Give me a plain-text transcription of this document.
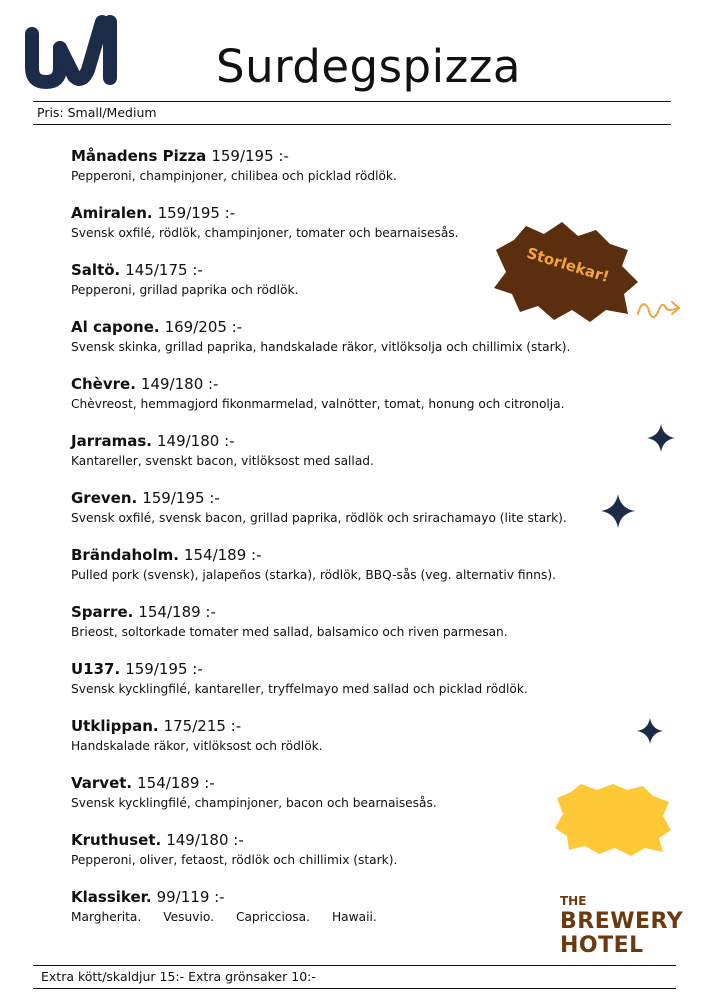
Surdegspizza
Pris: Small/Medium
Månadens Pizza 159/195 :-
Pepperoni, champinjoner, chilibea och picklad rödlök.
Amiralen. 159/195 :-
Svensk oxfilé, rödlök, champinjoner, tomater och bearnaisesås.
Saltö. 145/175 :-
Pepperoni, grillad paprika och rödlök.
Al capone. 169/205 :-
Svensk skinka, grillad paprika, handskalade räkor, vitlöksolja och chillimix (stark).
Chèvre. 149/180 :-
Chèvreost, hemmagjord fikonmarmelad, valnötter, tomat, honung och citronolja.
Jarramas. 149/180 :-
Kantareller, svenskt bacon, vitlöksost med sallad.
Greven. 159/195 :-
Svensk oxfilé, svensk bacon, grillad paprika, rödlök och srirachamayo (lite stark).
Brändaholm. 154/189 :-
Pulled pork (svensk), jalapeños (starka), rödlök, BBQ-sås (veg. alternativ finns).
Sparre. 154/189 :-
Brieost, soltorkade tomater med sallad, balsamico och riven parmesan.
U137. 159/195 :-
Svensk kycklingfilé, kantareller, tryffelmayo med sallad och picklad rödlök.
Utklippan. 175/215 :-
Handskalade räkor, vitlöksost och rödlök.
Varvet. 154/189 :-
Svensk kycklingfilé, champinjoner, bacon och bearnaisesås.
Kruthuset. 149/180 :-
Pepperoni, oliver, fetaost, rödlök och chillimix (stark).
Klassiker. 99/119 :-
Margherita. Vesuvio. Capricciosa. Hawaii.
Storlekar!
THE
BREWERY
HOTEL
Extra kött/skaldjur 15:- Extra grönsaker 10:-
